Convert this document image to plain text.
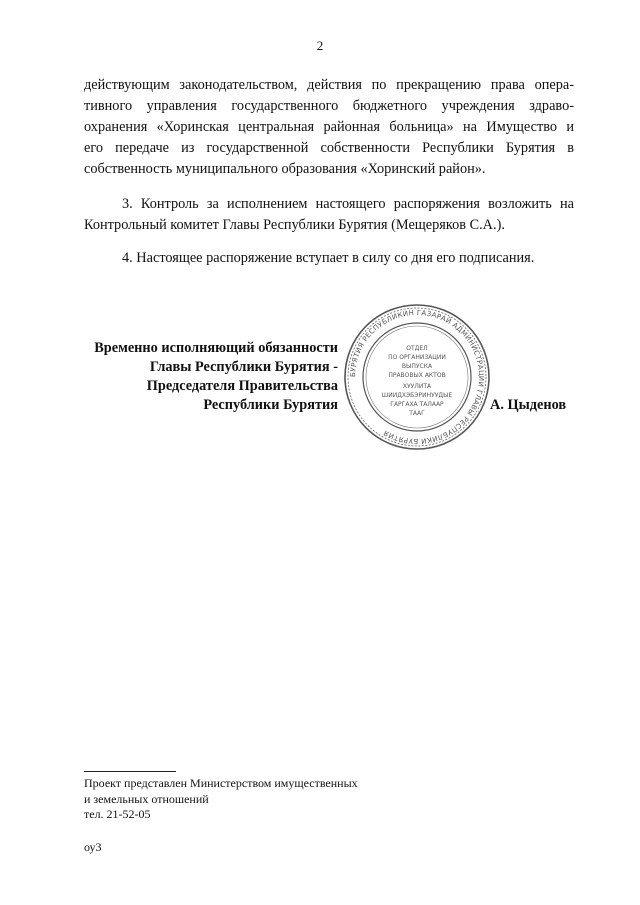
2
действующим законодательством, действия по прекращению права опера-
тивного управления государственного бюджетного учреждения здраво-
охранения «Хоринская центральная районная больница» на Имущество и
его передаче из государственной собственности Республики Бурятия в
собственность муниципального образования «Хоринский район».

3. Контроль за исполнением настоящего распоряжения возложить на Контрольный комитет Главы Республики Бурятия (Мещеряков С.А.).

4. Настоящее распоряжение вступает в силу со дня его подписания.

Временно исполняющий обязанности
Главы Республики Бурятия -
Председателя Правительства
Республики Бурятия
БУРЯТИЯ РЕСПУБЛИКИН ГАЗАРАЙ АДМИНИСТРАЦИИ ГЛАВЫ РЕСПУБЛИКИ БУРЯТИЯ
ОТДЕЛ
ПО ОРГАНИЗАЦИИ
ВЫПУСКА
ПРАВОВЫХ АКТОВ
ХУУЛИТА
ШИИДХЭБЭРИНУУДЫЕ
ГАРГАХА ТАЛААР
ТААГ
А. Цыденов
Проект представлен Министерством имущественных
и земельных отношений
тел. 21-52-05
оу3
